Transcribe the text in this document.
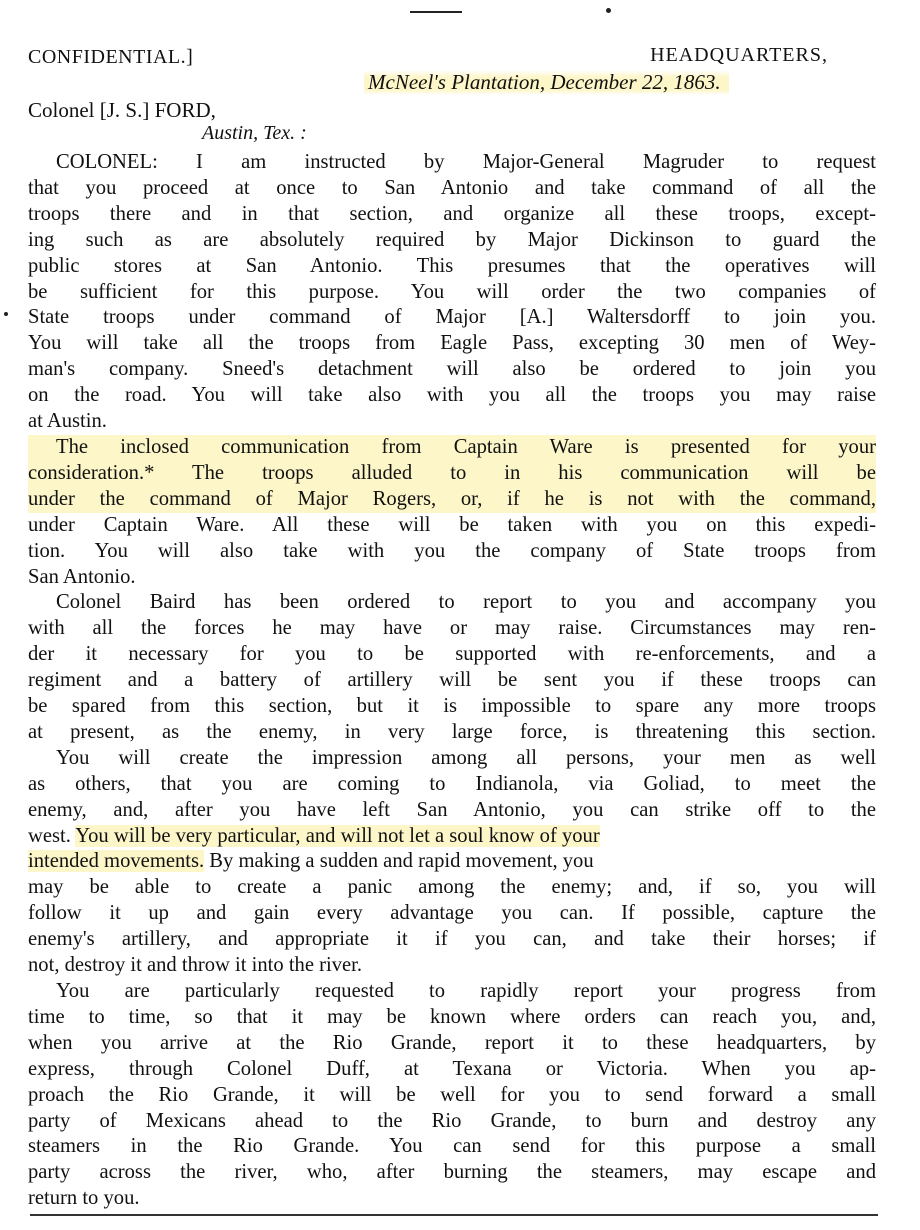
CONFIDENTIAL.]	HEADQUARTERS,
McNeel's Plantation, December 22, 1863.
Colonel [J. S.] FORD,
Austin, Tex. :
COLONEL: I am instructed by Major-General Magruder to request
that you proceed at once to San Antonio and take command of all the
troops there and in that section, and organize all these troops, except-
ing such as are absolutely required by Major Dickinson to guard the
public stores at San Antonio. This presumes that the operatives will
be sufficient for this purpose. You will order the two companies of
State troops under command of Major [A.] Waltersdorff to join you.
You will take all the troops from Eagle Pass, excepting 30 men of Wey-
man's company. Sneed's detachment will also be ordered to join you
on the road. You will take also with you all the troops you may raise
at Austin.
The inclosed communication from Captain Ware is presented for your
consideration.* The troops alluded to in his communication will be
under the command of Major Rogers, or, if he is not with the command,
under Captain Ware. All these will be taken with you on this expedi-
tion. You will also take with you the company of State troops from
San Antonio.
Colonel Baird has been ordered to report to you and accompany you
with all the forces he may have or may raise. Circumstances may ren-
der it necessary for you to be supported with re-enforcements, and a
regiment and a battery of artillery will be sent you if these troops can
be spared from this section, but it is impossible to spare any more troops
at present, as the enemy, in very large force, is threatening this section.
You will create the impression among all persons, your men as well
as others, that you are coming to Indianola, via Goliad, to meet the
enemy, and, after you have left San Antonio, you can strike off to the
west. You will be very particular, and will not let a soul know of your
intended movements. By making a sudden and rapid movement, you
may be able to create a panic among the enemy; and, if so, you will
follow it up and gain every advantage you can. If possible, capture the
enemy's artillery, and appropriate it if you can, and take their horses; if
not, destroy it and throw it into the river.
You are particularly requested to rapidly report your progress from
time to time, so that it may be known where orders can reach you, and,
when you arrive at the Rio Grande, report it to these headquarters, by
express, through Colonel Duff, at Texana or Victoria. When you ap-
proach the Rio Grande, it will be well for you to send forward a small
party of Mexicans ahead to the Rio Grande, to burn and destroy any
steamers in the Rio Grande. You can send for this purpose a small
party across the river, who, after burning the steamers, may escape and
return to you.
